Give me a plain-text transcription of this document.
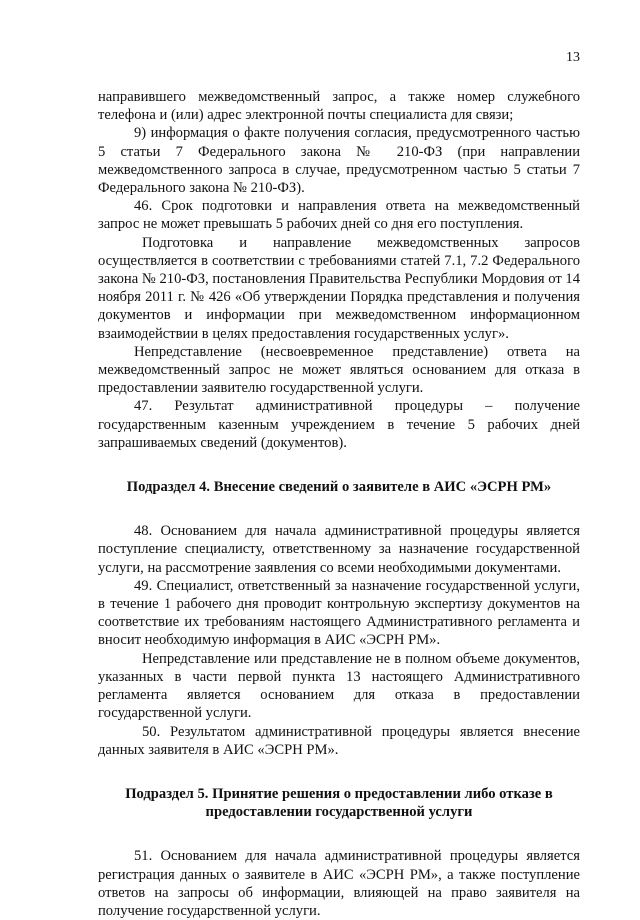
13

направившего межведомственный запрос, а также номер служебного телефона и (или) адрес электронной почты специалиста для связи;

9) информация о факте получения согласия, предусмотренного частью 5 статьи 7 Федерального закона № 210-ФЗ (при направлении межведомственного запроса в случае, предусмотренном частью 5 статьи 7 Федерального закона № 210-ФЗ).

46. Срок подготовки и направления ответа на межведомственный запрос не может превышать 5 рабочих дней со дня его поступления.

Подготовка и направление межведомственных запросов осуществляется в соответствии с требованиями статей 7.1, 7.2 Федерального закона № 210-ФЗ, постановления Правительства Республики Мордовия от 14 ноября 2011 г. № 426 «Об утверждении Порядка представления и получения документов и информации при межведомственном информационном взаимодействии в целях предоставления государственных услуг».

Непредставление (несвоевременное представление) ответа на межведомственный запрос не может являться основанием для отказа в предоставлении заявителю государственной услуги.

47. Результат административной процедуры – получение государственным казенным учреждением в течение 5 рабочих дней запрашиваемых сведений (документов).

Подраздел 4. Внесение сведений о заявителе в АИС «ЭСРН РМ»

48. Основанием для начала административной процедуры является поступление специалисту, ответственному за назначение государственной услуги, на рассмотрение заявления со всеми необходимыми документами.

49. Специалист, ответственный за назначение государственной услуги, в течение 1 рабочего дня проводит контрольную экспертизу документов на соответствие их требованиям настоящего Административного регламента и вносит необходимую информация в АИС «ЭСРН РМ».

Непредставление или представление не в полном объеме документов, указанных в части первой пункта 13 настоящего Административного регламента является основанием для отказа в предоставлении государственной услуги.

50. Результатом административной процедуры является внесение данных заявителя в АИС «ЭСРН РМ».

Подраздел 5. Принятие решения о предоставлении либо отказе в предоставлении государственной услуги

51. Основанием для начала административной процедуры является регистрация данных о заявителе в АИС «ЭСРН РМ», а также поступление ответов на запросы об информации, влияющей на право заявителя на получение государственной услуги.
